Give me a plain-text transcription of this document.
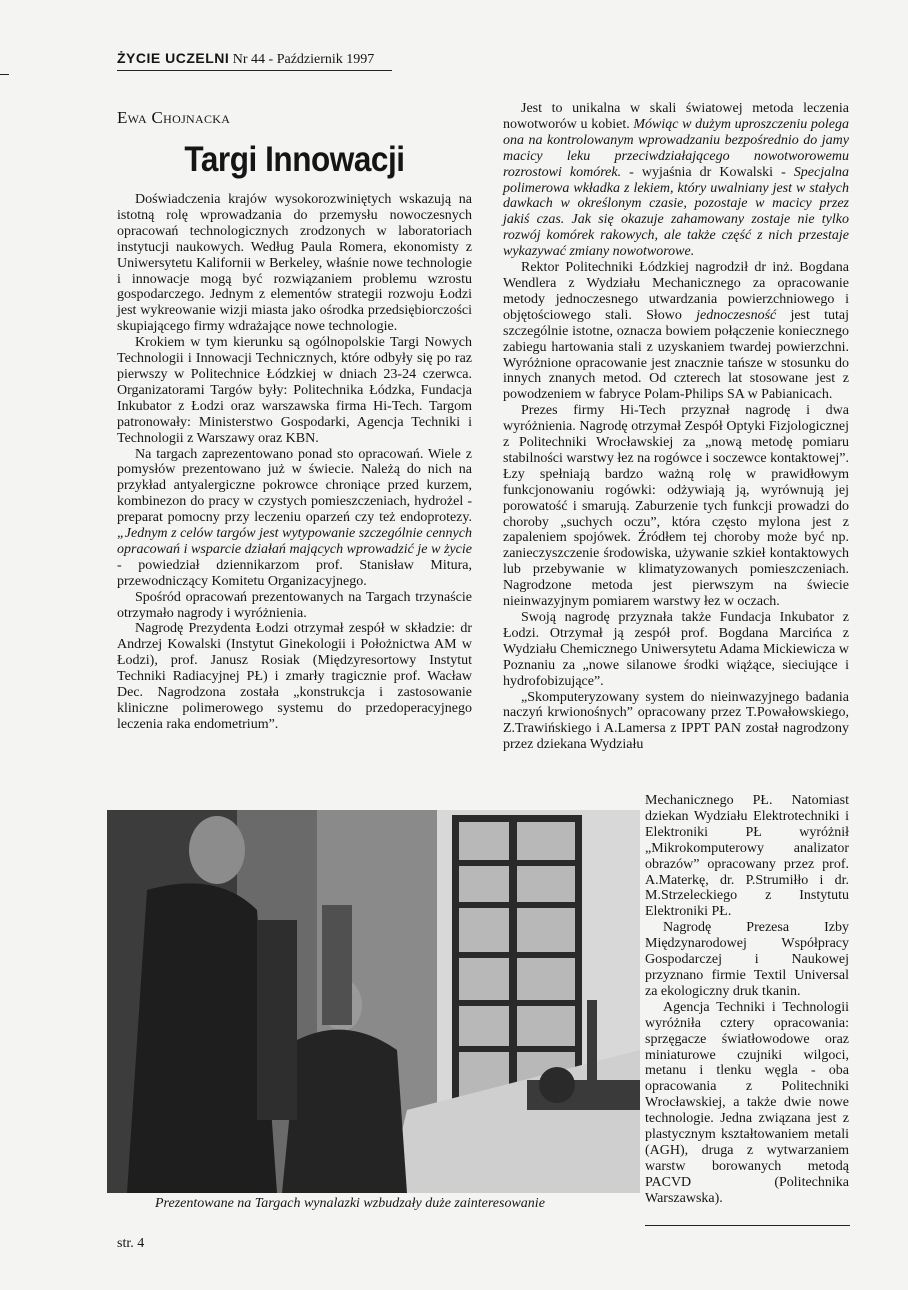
ŻYCIE UCZELNI Nr 44 - Październik 1997
Ewa Chojnacka
Targi Innowacji

Doświadczenia krajów wysokorozwiniętych wskazują na istotną rolę wprowadzania do przemysłu nowoczesnych opracowań technologicznych zrodzonych w laboratoriach instytucji naukowych. Według Paula Romera, ekonomisty z Uniwersytetu Kalifornii w Berkeley, właśnie nowe technologie i innowacje mogą być rozwiązaniem problemu wzrostu gospodarczego. Jednym z elementów strategii rozwoju Łodzi jest wykreowanie wizji miasta jako ośrodka przedsiębiorczości skupiającego firmy wdrażające nowe technologie.

Krokiem w tym kierunku są ogólnopolskie Targi Nowych Technologii i Innowacji Technicznych, które odbyły się po raz pierwszy w Politechnice Łódzkiej w dniach 23-24 czerwca. Organizatorami Targów były: Politechnika Łódzka, Fundacja Inkubator z Łodzi oraz warszawska firma Hi-Tech. Targom patronowały: Ministerstwo Gospodarki, Agencja Techniki i Technologii z Warszawy oraz KBN.

Na targach zaprezentowano ponad sto opracowań. Wiele z pomysłów prezentowano już w świecie. Należą do nich na przykład antyalergiczne pokrowce chroniące przed kurzem, kombinezon do pracy w czystych pomieszczeniach, hydrożel - preparat pomocny przy leczeniu oparzeń czy też endoprotezy. „Jednym z celów targów jest wytypowanie szczególnie cennych opracowań i wsparcie działań mających wprowadzić je w życie - powiedział dziennikarzom prof. Stanisław Mitura, przewodniczący Komitetu Organizacyjnego.

Spośród opracowań prezentowanych na Targach trzynaście otrzymało nagrody i wyróżnienia.

Nagrodę Prezydenta Łodzi otrzymał zespół w składzie: dr Andrzej Kowalski (Instytut Ginekologii i Położnictwa AM w Łodzi), prof. Janusz Rosiak (Międzyresortowy Instytut Techniki Radiacyjnej PŁ) i zmarły tragicznie prof. Wacław Dec. Nagrodzona została „konstrukcja i zastosowanie kliniczne polimerowego systemu do przedoperacyjnego leczenia raka endometrium”.

Jest to unikalna w skali światowej metoda leczenia nowotworów u kobiet. Mówiąc w dużym uproszczeniu polega ona na kontrolowanym wprowadzaniu bezpośrednio do jamy macicy leku przeciwdziałającego nowotworowemu rozrostowi komórek. - wyjaśnia dr Kowalski - Specjalna polimerowa wkładka z lekiem, który uwalniany jest w stałych dawkach w określonym czasie, pozostaje w macicy przez jakiś czas. Jak się okazuje zahamowany zostaje nie tylko rozwój komórek rakowych, ale także część z nich przestaje wykazywać zmiany nowotworowe.

Rektor Politechniki Łódzkiej nagrodził dr inż. Bogdana Wendlera z Wydziału Mechanicznego za opracowanie metody jednoczesnego utwardzania powierzchniowego i objętościowego stali. Słowo jednoczesność jest tutaj szczególnie istotne, oznacza bowiem połączenie koniecznego zabiegu hartowania stali z uzyskaniem twardej powierzchni. Wyróżnione opracowanie jest znacznie tańsze w stosunku do innych znanych metod. Od czterech lat stosowane jest z powodzeniem w fabryce Polam-Philips SA w Pabianicach.

Prezes firmy Hi-Tech przyznał nagrodę i dwa wyróżnienia. Nagrodę otrzymał Zespół Optyki Fizjologicznej z Politechniki Wrocławskiej za „nową metodę pomiaru stabilności warstwy łez na rogówce i soczewce kontaktowej”. Łzy spełniają bardzo ważną rolę w prawidłowym funkcjonowaniu rogówki: odżywiają ją, wyrównują jej porowatość i smarują. Zaburzenie tych funkcji prowadzi do choroby „suchych oczu”, która często mylona jest z zapaleniem spojówek. Źródłem tej choroby może być np. zanieczyszczenie środowiska, używanie szkieł kontaktowych lub przebywanie w klimatyzowanych pomieszczeniach. Nagrodzone metoda jest pierwszym na świecie nieinwazyjnym pomiarem warstwy łez w oczach.

Swoją nagrodę przyznała także Fundacja Inkubator z Łodzi. Otrzymał ją zespół prof. Bogdana Marcińca z Wydziału Chemicznego Uniwersytetu Adama Mickiewicza w Poznaniu za „nowe silanowe środki wiążące, sieciujące i hydrofobizujące”.

„Skomputeryzowany system do nieinwazyjnego badania naczyń krwionośnych” opracowany przez T.Powałowskiego, Z.Trawińskiego i A.Lamersa z IPPT PAN został nagrodzony przez dziekana Wydziału

Mechanicznego PŁ. Natomiast dziekan Wydziału Elektrotechniki i Elektroniki PŁ wyróżnił „Mikrokomputerowy analizator obrazów” opracowany przez prof. A.Materkę, dr. P.Strumiłło i dr. M.Strzeleckiego z Instytutu Elektroniki PŁ.

Nagrodę Prezesa Izby Międzynarodowej Współpracy Gospodarczej i Naukowej przyznano firmie Textil Universal za ekologiczny druk tkanin.

Agencja Techniki i Technologii wyróżniła cztery opracowania: sprzęgacze światłowodowe oraz miniaturowe czujniki wilgoci, metanu i tlenku węgla - oba opracowania z Politechniki Wrocławskiej, a także dwie nowe technologie. Jedna związana jest z plastycznym kształtowaniem metali (AGH), druga z wytwarzaniem warstw borowanych metodą PACVD (Politechnika Warszawska).

Prezentowane na Targach wynalazki wzbudzały duże zainteresowanie
str. 4
